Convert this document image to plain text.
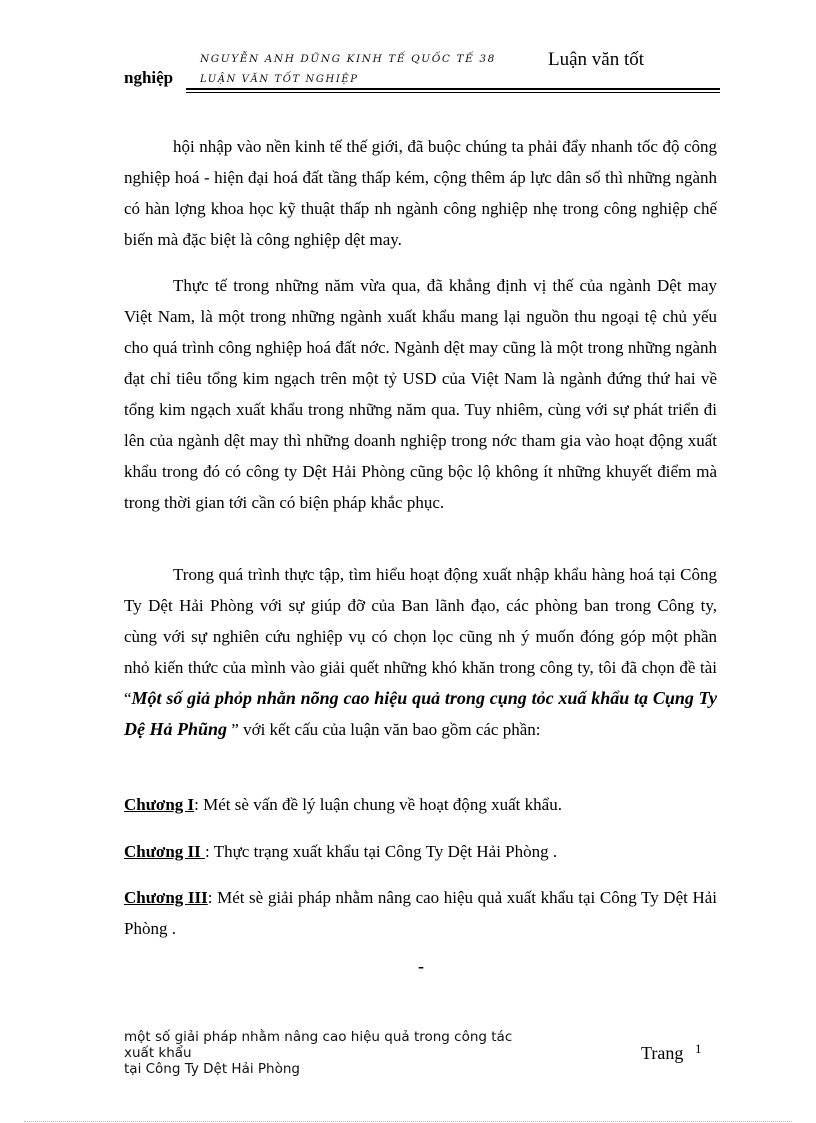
NGUYỄN ANH DŨNG KINH TẾ QUỐC TẾ 38
LUẬN VĂN TỐT NGHIỆP
Luận văn tốt
nghiệp

hội nhập vào nền kinh tế thế giới, đã buộc chúng ta phải đẩy nhanh tốc độ công nghiệp hoá - hiện đại hoá đất tầng thấp kém, cộng thêm áp lực dân số thì những ngành có hàn lợng khoa học kỹ thuật thấp nh ngành công nghiệp nhẹ trong công nghiệp chế biến mà đặc biệt là công nghiệp dệt may.

Thực tế trong những năm vừa qua, đã khẳng định vị thế của ngành Dệt may Việt Nam, là một trong những ngành xuất khẩu mang lại nguồn thu ngoại tệ chủ yếu cho quá trình công nghiệp hoá đất nớc. Ngành dệt may cũng là một trong những ngành đạt chỉ tiêu tổng kim ngạch trên một tỷ USD của Việt Nam là ngành đứng thứ hai về tổng kim ngạch xuất khẩu trong những năm qua. Tuy nhiêm, cùng với sự phát triển đi lên của ngành dệt may thì những doanh nghiệp trong nớc tham gia vào hoạt động xuất khẩu trong đó có công ty Dệt Hải Phòng cũng bộc lộ không ít những khuyết điểm mà trong thời gian tới cần có biện pháp khắc phục.

Trong quá trình thực tập, tìm hiểu hoạt động xuất nhập khẩu hàng hoá tại Công Ty Dệt Hải Phòng với sự giúp đỡ của Ban lãnh đạo, các phòng ban trong Công ty, cùng với sự nghiên cứu nghiệp vụ có chọn lọc cũng nh ý muốn đóng góp một phần nhỏ kiến thức của mình vào giải quết những khó khăn trong công ty, tôi đã chọn đề tài “Một số giả phỏp nhằn nõng cao hiệu quả trong cụng tỏc xuấ khẩu tạ Cụng Ty Dệ Hả Phũng ” với kết cấu của luận văn bao gồm các phần:

Chương I: Mét sè vấn đề lý luận chung về hoạt động xuất khẩu.

Chương II : Thực trạng xuất khẩu tại Công Ty Dệt Hải Phòng .

Chương III: Mét sè giải pháp nhằm nâng cao hiệu quả xuất khẩu tại Công Ty Dệt Hải Phòng .

-
một số giải pháp nhằm nâng cao hiệu quả trong công tác
xuất khẩu
tại Công Ty Dệt Hải Phòng
Trang 1
